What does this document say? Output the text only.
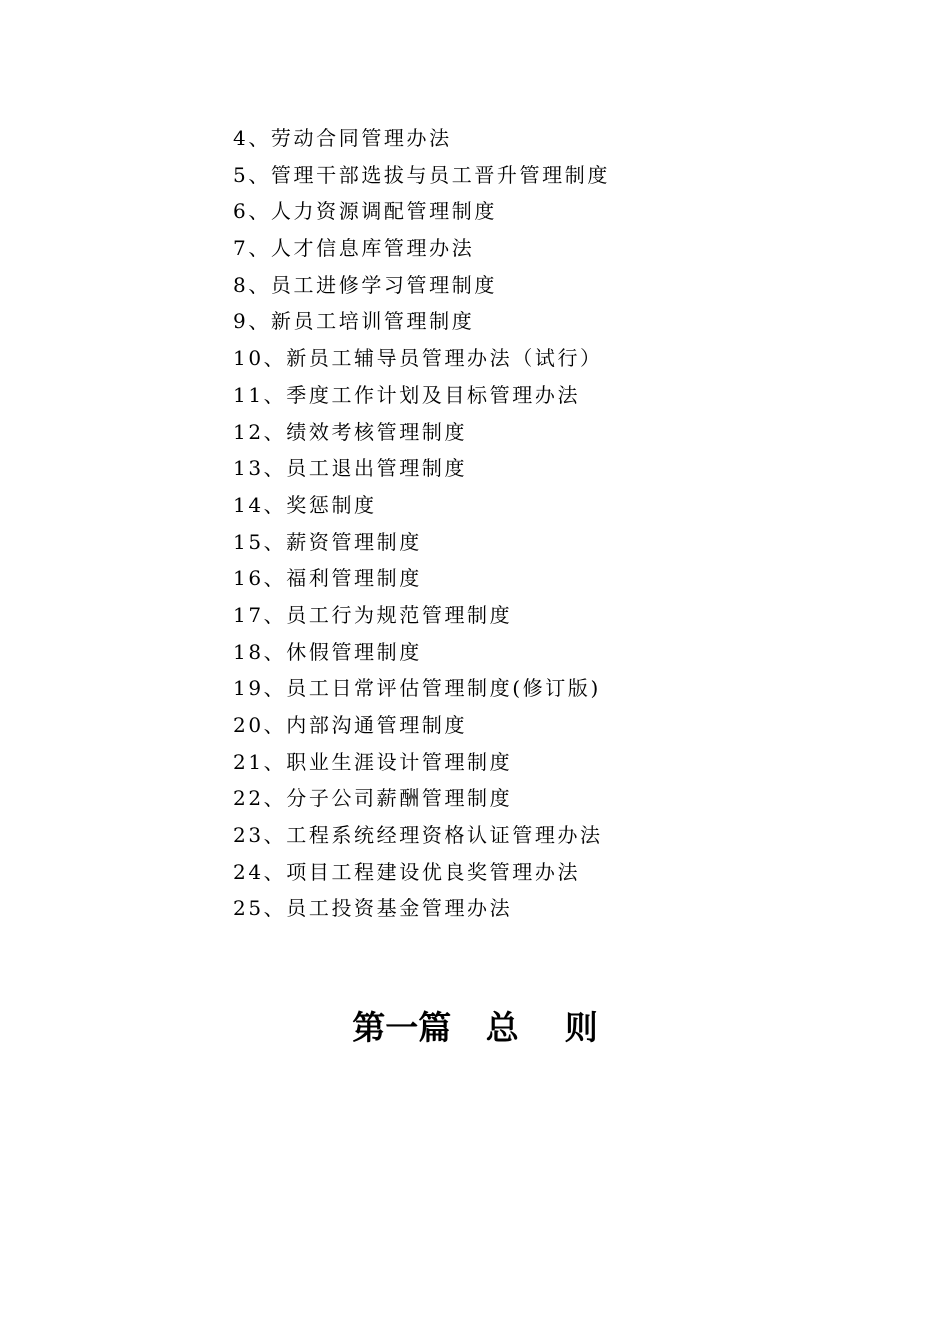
4、劳动合同管理办法
5、管理干部选拔与员工晋升管理制度
6、人力资源调配管理制度
7、人才信息库管理办法
8、员工进修学习管理制度
9、新员工培训管理制度
10、新员工辅导员管理办法（试行）
11、季度工作计划及目标管理办法
12、绩效考核管理制度
13、员工退出管理制度
14、奖惩制度
15、薪资管理制度
16、福利管理制度
17、员工行为规范管理制度
18、休假管理制度
19、员工日常评估管理制度(修订版)
20、内部沟通管理制度
21、职业生涯设计管理制度
22、分子公司薪酬管理制度
23、工程系统经理资格认证管理办法
24、项目工程建设优良奖管理办法
25、员工投资基金管理办法
第一篇   总    则
